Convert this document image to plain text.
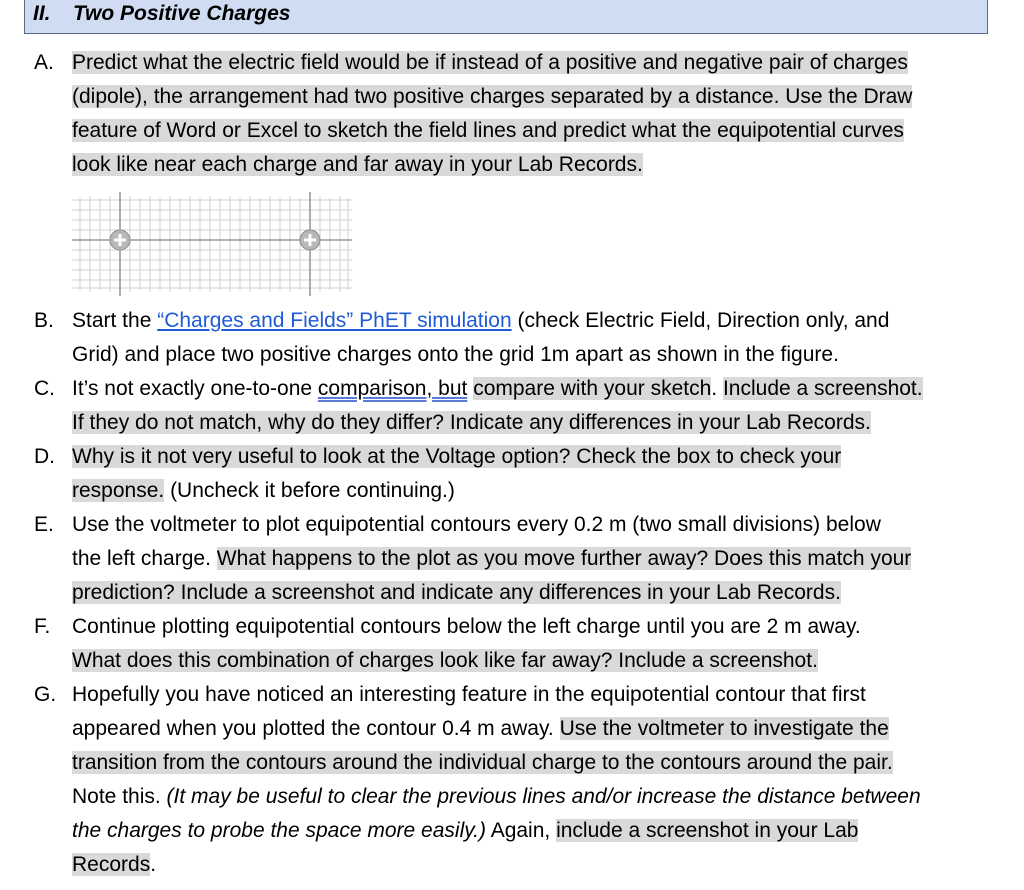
II. Two Positive Charges
A. Predict what the electric field would be if instead of a positive and negative pair of charges
(dipole), the arrangement had two positive charges separated by a distance. Use the Draw
feature of Word or Excel to sketch the field lines and predict what the equipotential curves
look like near each charge and far away in your Lab Records.
B. Start the “Charges and Fields” PhET simulation (check Electric Field, Direction only, and
Grid) and place two positive charges onto the grid 1m apart as shown in the figure.
C. It’s not exactly one-to-one comparison, but compare with your sketch. Include a screenshot.
If they do not match, why do they differ? Indicate any differences in your Lab Records.
D. Why is it not very useful to look at the Voltage option? Check the box to check your
response. (Uncheck it before continuing.)
E. Use the voltmeter to plot equipotential contours every 0.2 m (two small divisions) below
the left charge. What happens to the plot as you move further away? Does this match your
prediction? Include a screenshot and indicate any differences in your Lab Records.
F. Continue plotting equipotential contours below the left charge until you are 2 m away.
What does this combination of charges look like far away? Include a screenshot.
G. Hopefully you have noticed an interesting feature in the equipotential contour that first
appeared when you plotted the contour 0.4 m away. Use the voltmeter to investigate the
transition from the contours around the individual charge to the contours around the pair.
Note this. (It may be useful to clear the previous lines and/or increase the distance between
the charges to probe the space more easily.) Again, include a screenshot in your Lab
Records.
